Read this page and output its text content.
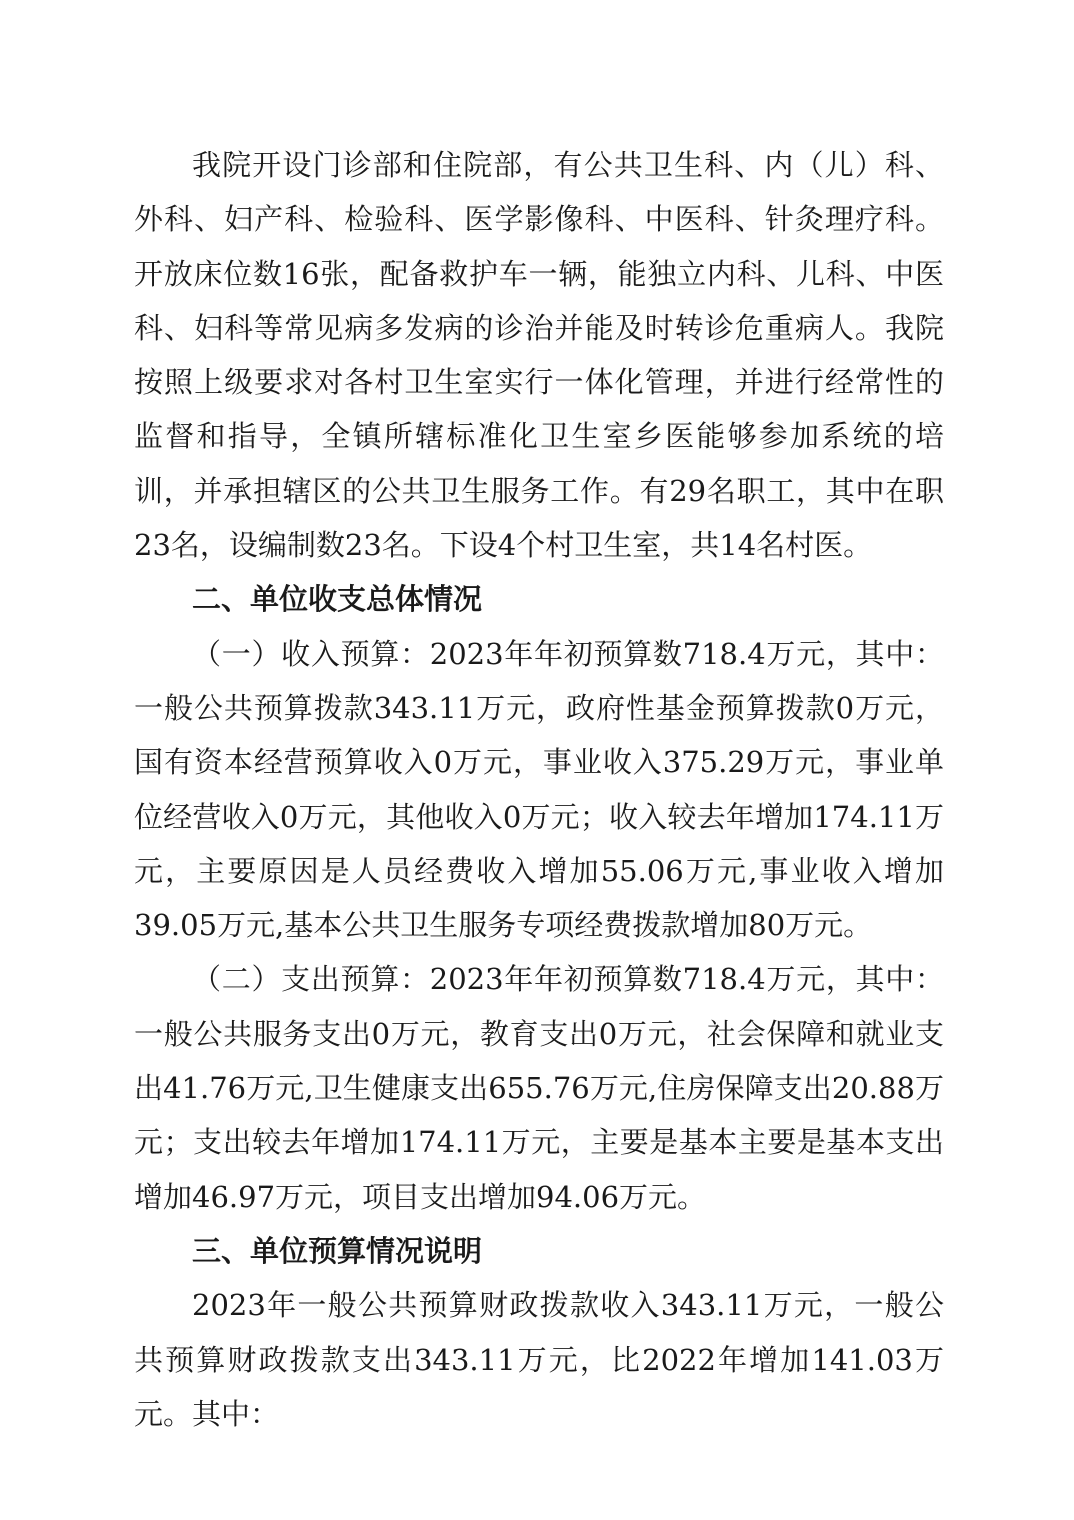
我院开设门诊部和住院部，有公共卫生科、内（儿）科、外科、妇产科、检验科、医学影像科、中医科、针灸理疗科。开放床位数16张，配备救护车一辆，能独立内科、儿科、中医科、妇科等常见病多发病的诊治并能及时转诊危重病人。我院按照上级要求对各村卫生室实行一体化管理，并进行经常性的监督和指导，全镇所辖标准化卫生室乡医能够参加系统的培训，并承担辖区的公共卫生服务工作。有29名职工，其中在职23名，设编制数23名。下设4个村卫生室，共14名村医。

二、单位收支总体情况

（一）收入预算：2023年年初预算数718.4万元，其中：一般公共预算拨款343.11万元，政府性基金预算拨款0万元，国有资本经营预算收入0万元，事业收入375.29万元，事业单位经营收入0万元，其他收入0万元；收入较去年增加174.11万元，主要原因是人员经费收入增加55.06万元,事业收入增加39.05万元,基本公共卫生服务专项经费拨款增加80万元。

（二）支出预算：2023年年初预算数718.4万元，其中：一般公共服务支出0万元，教育支出0万元，社会保障和就业支出41.76万元,卫生健康支出655.76万元,住房保障支出20.88万元；支出较去年增加174.11万元，主要是基本主要是基本支出增加46.97万元，项目支出增加94.06万元。

三、单位预算情况说明

2023年一般公共预算财政拨款收入343.11万元，一般公共预算财政拨款支出343.11万元，比2022年增加141.03万元。其中：
